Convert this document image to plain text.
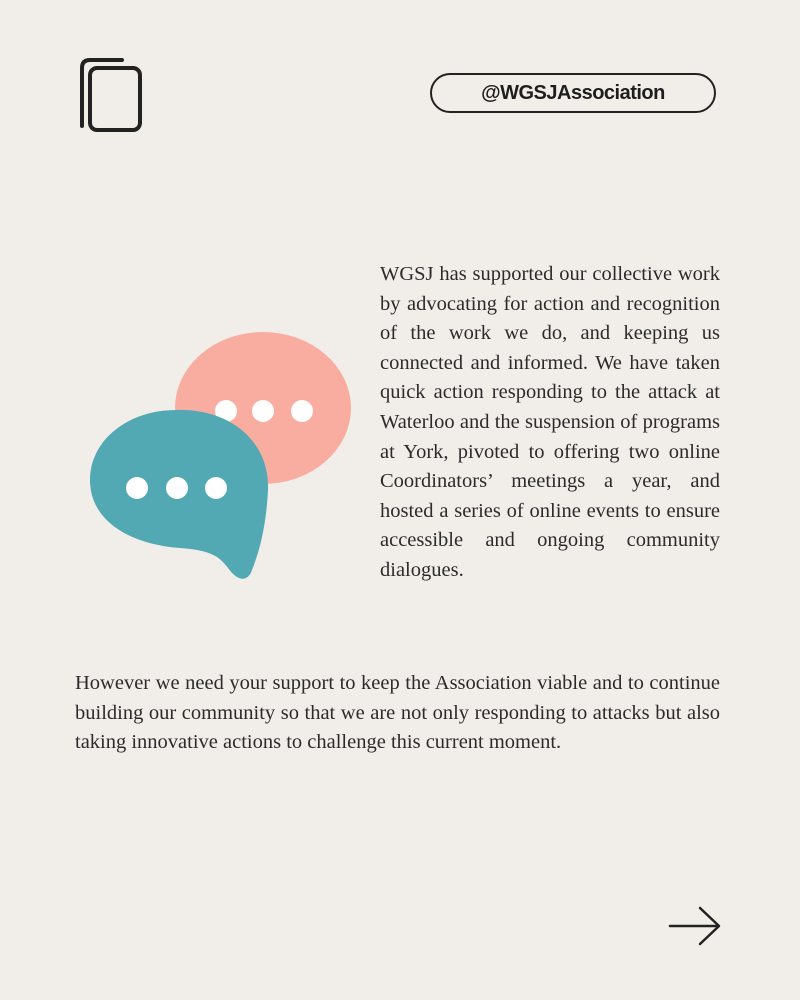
@WGSJAssociation

WGSJ has supported our collective work by advocating for action and recognition of the work we do, and keeping us connected and informed. We have taken quick action responding to the attack at Waterloo and the suspension of programs at York, pivoted to offering two online Coordinators’ meetings a year, and hosted a series of online events to ensure accessible and ongoing community dialogues.

However we need your support to keep the Association viable and to continue building our community so that we are not only responding to attacks but also taking innovative actions to challenge this current moment.
